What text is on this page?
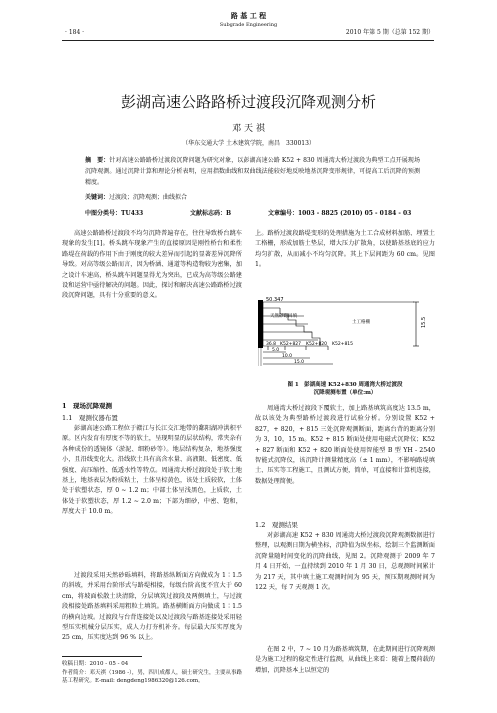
路 基 工 程
Subgrade Engineering
· 184 ·	2010 年第 5 期（总第 152 期）
彭湖高速公路路桥过渡段沉降观测分析
邓 天 祺
（华东交通大学 土木建筑学院，南昌　330013）
摘　要：针对高速公路路桥过渡段沉降问题为研究对象，以彭湖高速公路 K52 + 830 周通湾大桥过渡段为典型工点开展现场沉降观测。通过沉降计算和理论分析表明，应用指数曲线和双曲线法能较好地反映地基沉降变形规律，可提高工后沉降的预测精度。
关键词：过渡段；沉降观测；曲线拟合
中图分类号：TU433	文献标志码：B	文章编号：1003 - 8825 (2010) 05 - 0184 - 03
高速公路路桥过渡段不均匀沉降普遍存在，往往导致桥台跳车现象的发生[1]。桥头跳车现象产生的直接原因是刚性桥台和柔性路堤在荷载的作用下由于刚度的较大差异而引起的显著差异沉降所导致。对高等级公路而言，因为桥涵、通道等构造物较为密集，加之设计车速高，桥头跳车问题显得尤为突出，已成为高等级公路建设和运营中亟待解决的问题。因此，探讨和解决高速公路路桥过渡段沉降问题，具有十分重要的意义。
1　现场沉降观测
1.1　观测仪器布置
彭湖高速公路工程位于赣江与长江交汇地带的鄱阳湖冲洪积平原。区内发育有厚度不等的软土，呈现明显的层状结构，常夹杂有各种成份的透镜体（淤泥、细粉砂等）。地层结构复杂，地基强度小，且沿线变化大。沿线软土具有高含水量、高液限、低密度、低强度、高压缩性、低透水性等特点。周通湾大桥过渡段处于软土地基上，地基表层为粉质粘土，土体呈棕黄色，该处土质较软，土体处于软塑状态，厚 0 ~ 1.2 m；中部土体呈浅黑色，上质软，土体处于软塑状态，厚 1.2 ~ 2.0 m；下部为细砂，中密、饱和，厚度大于 10.0 m。
过渡段采用天然砂砾填料，将路基纵断面方向做成为 1∶1.5 的斜坡，并采用台阶形式与路堤相接，每级台阶高度不宜大于 60 cm，将坡面松散土块清除，分层填筑过渡段及两侧填土，与过渡段相接处路基填料采用粗粒土填筑。路基横断面方向做成 1∶1.5 的横向边坡。过渡段与台背连接处以及过渡段与路基连接处采用轻型压实机械分层压实，成人力打夯机补夯。每层最大压实厚度为 25 cm，压实度达到 96 % 以上。
收稿日期：2010 - 05 - 04
作者简介：邓天祺（1986 -），男，四川成都人，硕士研究生，主要从事路基工程研究。E-mail: dengdeng1986320@126.com。
上。路桥过渡段路堤变形的处理措施为土工合成材料加筋、埋置土工格栅，形成加筋土垫层，增大压力扩散角，以使路基基底的应力均匀扩散，从而减小不均匀沉降。其上下层间距为 60 cm。见图 1。
50.347
天然砂砾回填
土工格栅	15.5
36.8 K52+827 K52+820 K52+815
5.0
10.0
15.0
图 1　彭湖高速 K52+830 周通湾大桥过渡段
沉降观测布置（单位:m）
周通湾大桥过渡段下覆软土，加上路基填筑高度达 13.5 m，故以该处为典型路桥过渡段进行试验分析。分别设置 K52 + 827，+ 820，+ 815 三处沉降观测断面，距离台背的距离分别为 3，10，15 m。K52 + 815 断面处使用电磁式沉降仪；K52 + 827 断面和 K52 + 820 断面处使用智能型 B 型 YH - 2540 智能式沉降仪，该沉降计测量精度高（± 1 mm），不影响路堤填土、压实等工程施工，且测试方便，简单，可直接和计算机连接，数据处理简便。
1.2　观测结果
对彭湖高速 K52 + 830 周通湾大桥过渡段沉降观测数据进行整理，以观测日期为横坐标，沉降值为纵坐标，绘制三个监测断面沉降量随时间变化的沉降曲线，见图 2。沉降观测于 2009 年 7 月 4 日开始，一直持续到 2010 年 1 月 30 日，总观测时间累计为 217 天，其中填土施工观测时间为 95 天，预压期观测时间为 122 天，每 7 天观测 1 次。
在图 2 中，7 ~ 10 月为路基填筑期，在此期间进行沉降观测是为施工过程的稳定性进行监测，从曲线上来看：随着上覆荷载的增加，沉降基本上以恒定的
